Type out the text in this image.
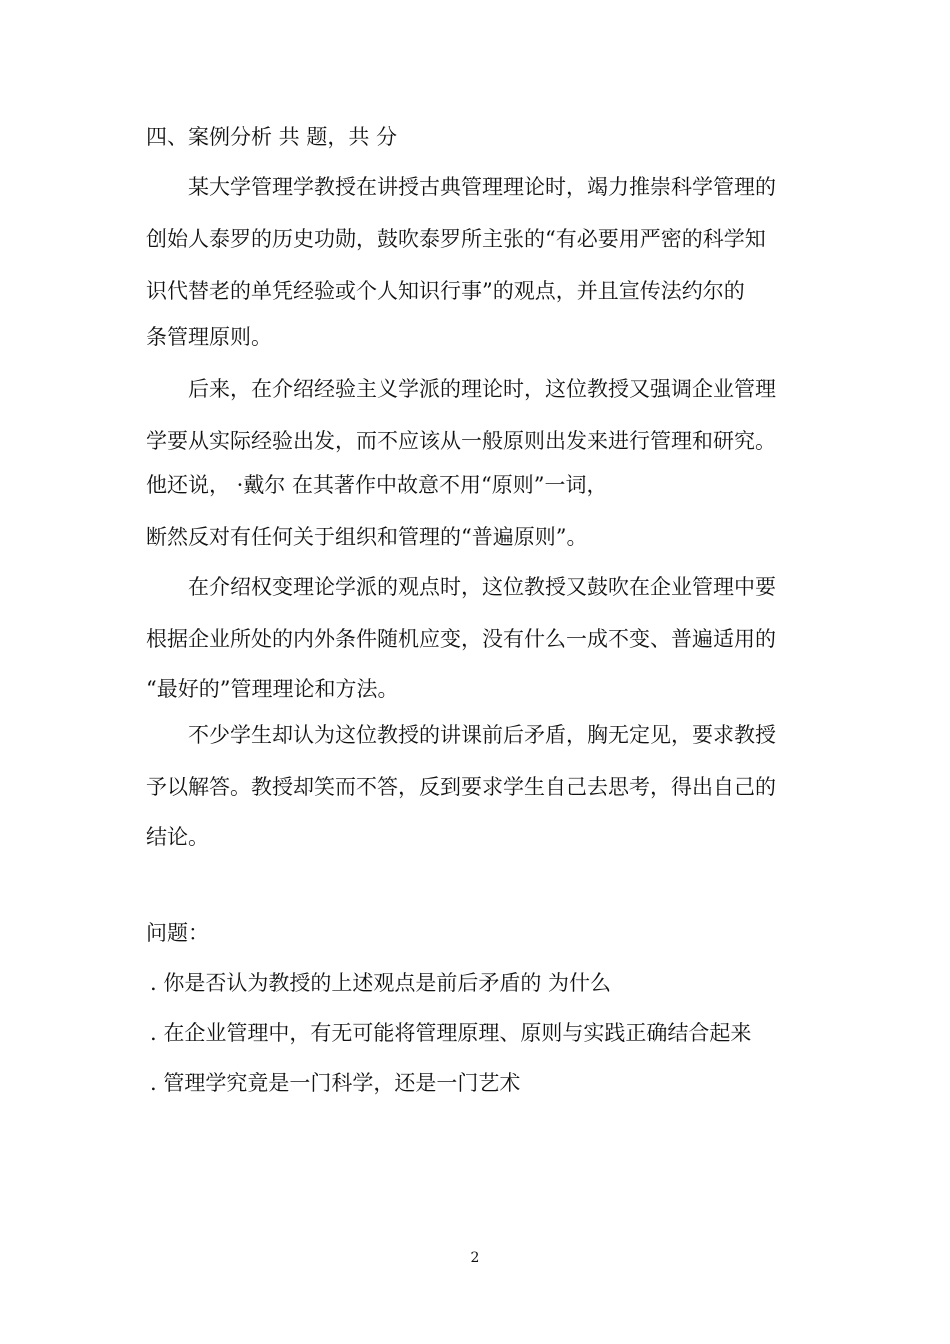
四、案例分析 共 题，共 分
某大学管理学教授在讲授古典管理理论时，竭力推崇科学管理的
创始人泰罗的历史功勋，鼓吹泰罗所主张的“有必要用严密的科学知
识代替老的单凭经验或个人知识行事”的观点，并且宣传法约尔的
条管理原则。
后来，在介绍经验主义学派的理论时，这位教授又强调企业管理
学要从实际经验出发，而不应该从一般原则出发来进行管理和研究。
他还说， ·戴尔 在其著作中故意不用“原则”一词，
断然反对有任何关于组织和管理的“普遍原则”。
在介绍权变理论学派的观点时，这位教授又鼓吹在企业管理中要
根据企业所处的内外条件随机应变，没有什么一成不变、普遍适用的
“最好的”管理理论和方法。
不少学生却认为这位教授的讲课前后矛盾，胸无定见，要求教授
予以解答。教授却笑而不答，反到要求学生自己去思考，得出自己的
结论。
问题：
. 你是否认为教授的上述观点是前后矛盾的 为什么
. 在企业管理中，有无可能将管理原理、原则与实践正确结合起来
. 管理学究竟是一门科学，还是一门艺术
2
